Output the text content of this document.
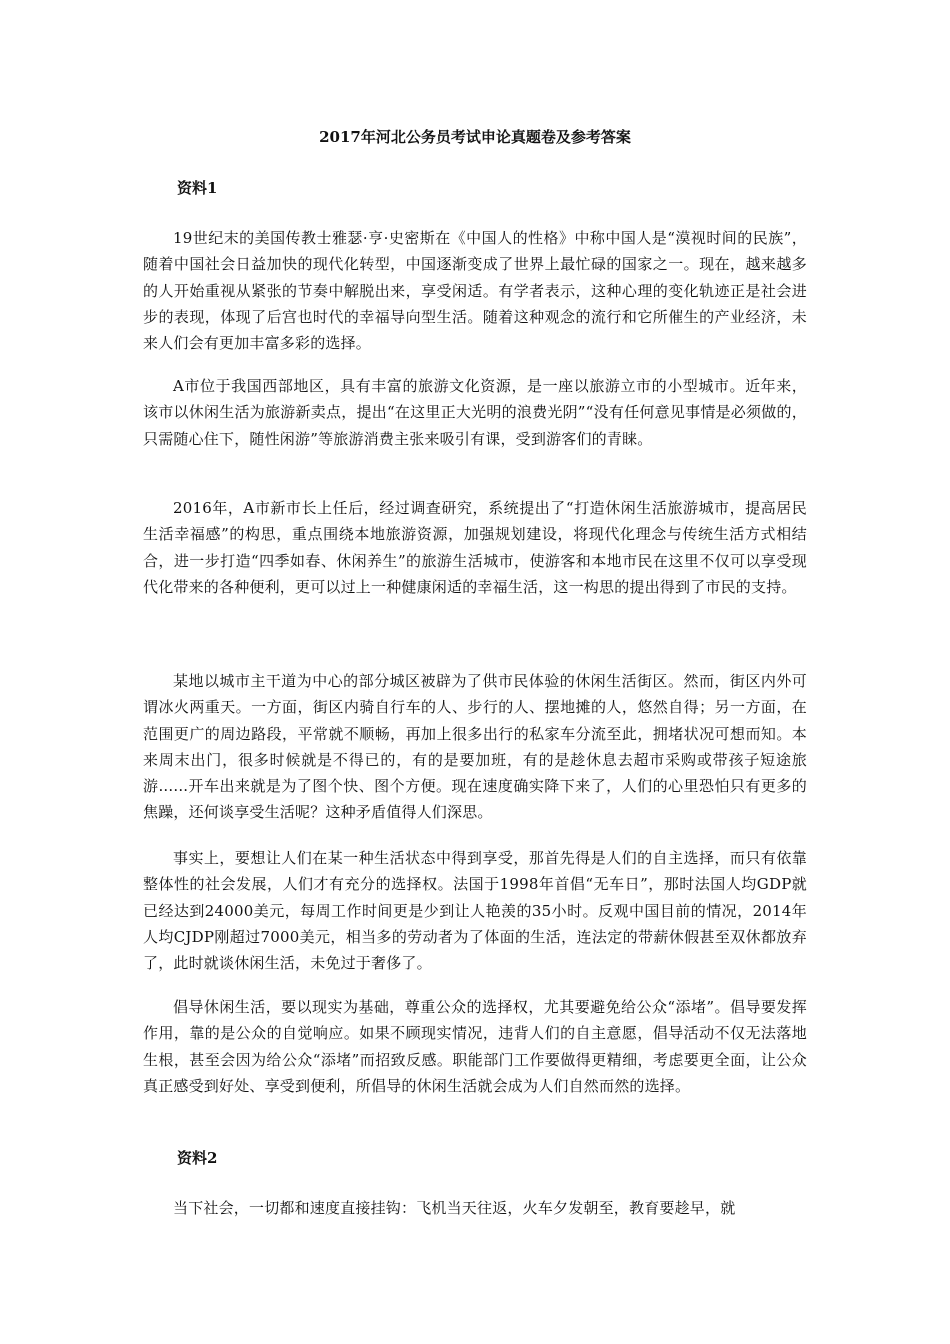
2017年河北公务员考试申论真题卷及参考答案
资料1

19世纪末的美国传教士雅瑟·亨·史密斯在《中国人的性格》中称中国人是“漠视时间的民族”，随着中国社会日益加快的现代化转型，中国逐渐变成了世界上最忙碌的国家之一。现在，越来越多的人开始重视从紧张的节奏中解脱出来，享受闲适。有学者表示，这种心理的变化轨迹正是社会进步的表现，体现了后宫也时代的幸福导向型生活。随着这种观念的流行和它所催生的产业经济，未来人们会有更加丰富多彩的选择。

A市位于我国西部地区，具有丰富的旅游文化资源，是一座以旅游立市的小型城市。近年来，该市以休闲生活为旅游新卖点，提出“在这里正大光明的浪费光阴”“没有任何意见事情是必须做的，只需随心住下，随性闲游”等旅游消费主张来吸引有课，受到游客们的青睐。

2016年，A市新市长上任后，经过调查研究，系统提出了“打造休闲生活旅游城市，提高居民生活幸福感”的构思，重点围绕本地旅游资源，加强规划建设，将现代化理念与传统生活方式相结合，进一步打造“四季如春、休闲养生”的旅游生活城市，使游客和本地市民在这里不仅可以享受现代化带来的各种便利，更可以过上一种健康闲适的幸福生活，这一构思的提出得到了市民的支持。

某地以城市主干道为中心的部分城区被辟为了供市民体验的休闲生活街区。然而，街区内外可谓冰火两重天。一方面，街区内骑自行车的人、步行的人、摆地摊的人，悠然自得；另一方面，在范围更广的周边路段，平常就不顺畅，再加上很多出行的私家车分流至此，拥堵状况可想而知。本来周末出门，很多时候就是不得已的，有的是要加班，有的是趁休息去超市采购或带孩子短途旅游......开车出来就是为了图个快、图个方便。现在速度确实降下来了，人们的心里恐怕只有更多的焦躁，还何谈享受生活呢？这种矛盾值得人们深思。

事实上，要想让人们在某一种生活状态中得到享受，那首先得是人们的自主选择，而只有依靠整体性的社会发展，人们才有充分的选择权。法国于1998年首倡“无车日”，那时法国人均GDP就已经达到24000美元，每周工作时间更是少到让人艳羡的35小时。反观中国目前的情况，2014年人均CJDP刚超过7000美元，相当多的劳动者为了体面的生活，连法定的带薪休假甚至双休都放弃了，此时就谈休闲生活，未免过于奢侈了。

倡导休闲生活，要以现实为基础，尊重公众的选择权，尤其要避免给公众“添堵”。倡导要发挥作用，靠的是公众的自觉响应。如果不顾现实情况，违背人们的自主意愿，倡导活动不仅无法落地生根，甚至会因为给公众“添堵”而招致反感。职能部门工作要做得更精细，考虑要更全面，让公众真正感受到好处、享受到便利，所倡导的休闲生活就会成为人们自然而然的选择。

资料2

当下社会，一切都和速度直接挂钩：飞机当天往返，火车夕发朝至，教育要趁早，就
